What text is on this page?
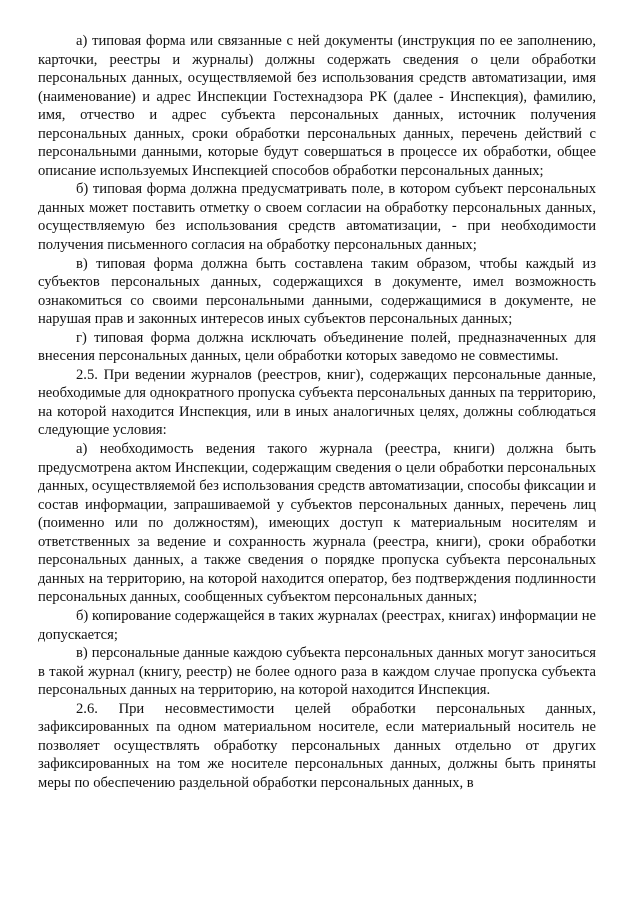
а) типовая форма или связанные с ней документы (инструкция по ее заполнению, карточки, реестры и журналы) должны содержать сведения о цели обработки персональных данных, осуществляемой без использования средств автоматизации, имя (наименование) и адрес Инспекции Гостехнадзора РК (далее - Инспекция), фамилию, имя, отчество и адрес субъекта персональных данных, источник получения персональных данных, сроки обработки персональных данных, перечень действий с персональными данными, которые будут совершаться в процессе их обработки, общее описание используемых Инспекцией способов обработки персональных данных;

б) типовая форма должна предусматривать поле, в котором субъект персональных данных может поставить отметку о своем согласии на обработку персональных данных, осуществляемую без использования средств автоматизации, - при необходимости получения письменного согласия на обработку персональных данных;

в) типовая форма должна быть составлена таким образом, чтобы каждый из субъектов персональных данных, содержащихся в документе, имел возможность ознакомиться со своими персональными данными, содержащимися в документе, не нарушая прав и законных интересов иных субъектов персональных данных;

г) типовая форма должна исключать объединение полей, предназначенных для внесения персональных данных, цели обработки которых заведомо не совместимы.

2.5. При ведении журналов (реестров, книг), содержащих персональные данные, необходимые для однократного пропуска субъекта персональных данных па территорию, на которой находится Инспекция, или в иных аналогичных целях, должны соблюдаться следующие условия:

а) необходимость ведения такого журнала (реестра, книги) должна быть предусмотрена актом Инспекции, содержащим сведения о цели обработки персональных данных, осуществляемой без использования средств автоматизации, способы фиксации и состав информации, запрашиваемой у субъектов персональных данных, перечень лиц (поименно или по должностям), имеющих доступ к материальным носителям и ответственных за ведение и сохранность журнала (реестра, книги), сроки обработки персональных данных, а также сведения о порядке пропуска субъекта персональных данных на территорию, на которой находится оператор, без подтверждения подлинности персональных данных, сообщенных субъектом персональных данных;

б) копирование содержащейся в таких журналах (реестрах, книгах) информации не допускается;

в) персональные данные каждою субъекта персональных данных могут заноситься в такой журнал (книгу, реестр) не более одного раза в каждом случае пропуска субъекта персональных данных на территорию, на которой находится Инспекция.

2.6. При несовместимости целей обработки персональных данных, зафиксированных па одном материальном носителе, если материальный носитель не позволяет осуществлять обработку персональных данных отдельно от других зафиксированных на том же носителе персональных данных, должны быть приняты меры по обеспечению раздельной обработки персональных данных, в
